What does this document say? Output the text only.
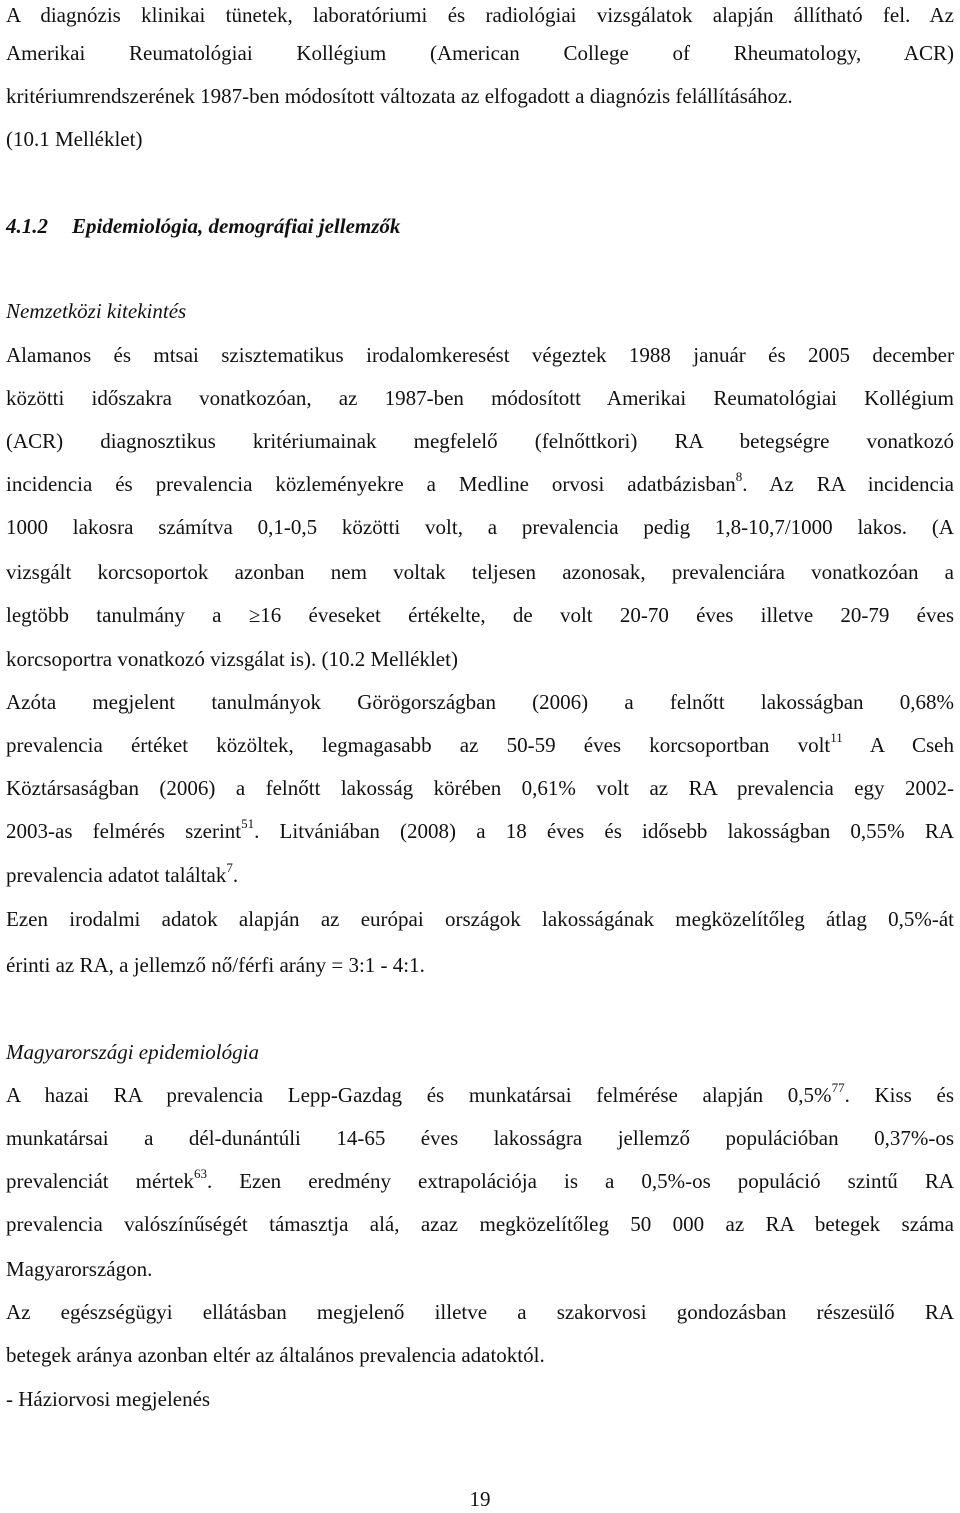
A diagnózis klinikai tünetek, laboratóriumi és radiológiai vizsgálatok alapján állítható fel. Az
Amerikai Reumatológiai Kollégium (American College of Rheumatology, ACR)
kritériumrendszerének 1987-ben módosított változata az elfogadott a diagnózis felállításához.
(10.1 Melléklet)
4.1.2 Epidemiológia, demográfiai jellemzők
Nemzetközi kitekintés
Alamanos és mtsai szisztematikus irodalomkeresést végeztek 1988 január és 2005 december
közötti időszakra vonatkozóan, az 1987-ben módosított Amerikai Reumatológiai Kollégium
(ACR) diagnosztikus kritériumainak megfelelő (felnőttkori) RA betegségre vonatkozó
incidencia és prevalencia közleményekre a Medline orvosi adatbázisban$^8$. Az RA incidencia
1000 lakosra számítva 0,1-0,5 közötti volt, a prevalencia pedig 1,8-10,7/1000 lakos. (A
vizsgált korcsoportok azonban nem voltak teljesen azonosak, prevalenciára vonatkozóan a
legtöbb tanulmány a ≥16 éveseket értékelte, de volt 20-70 éves illetve 20-79 éves
korcsoportra vonatkozó vizsgálat is). (10.2 Melléklet)
Azóta megjelent tanulmányok Görögországban (2006) a felnőtt lakosságban 0,68%
prevalencia értéket közöltek, legmagasabb az 50-59 éves korcsoportban volt$^{11}$ A Cseh
Köztársaságban (2006) a felnőtt lakosság körében 0,61% volt az RA prevalencia egy 2002-
2003-as felmérés szerint$^{51}$. Litvániában (2008) a 18 éves és idősebb lakosságban 0,55% RA
prevalencia adatot találtak$^7$.
Ezen irodalmi adatok alapján az európai országok lakosságának megközelítőleg átlag 0,5%-át
érinti az RA, a jellemző nő/férfi arány = 3:1 - 4:1.
Magyarországi epidemiológia
A hazai RA prevalencia Lepp-Gazdag és munkatársai felmérése alapján 0,5%$^{77}$. Kiss és
munkatársai a dél-dunántúli 14-65 éves lakosságra jellemző populációban 0,37%-os
prevalenciát mértek$^{63}$. Ezen eredmény extrapolációja is a 0,5%-os populáció szintű RA
prevalencia valószínűségét támasztja alá, azaz megközelítőleg 50 000 az RA betegek száma
Magyarországon.
Az egészségügyi ellátásban megjelenő illetve a szakorvosi gondozásban részesülő RA
betegek aránya azonban eltér az általános prevalencia adatoktól.
- Háziorvosi megjelenés
19
